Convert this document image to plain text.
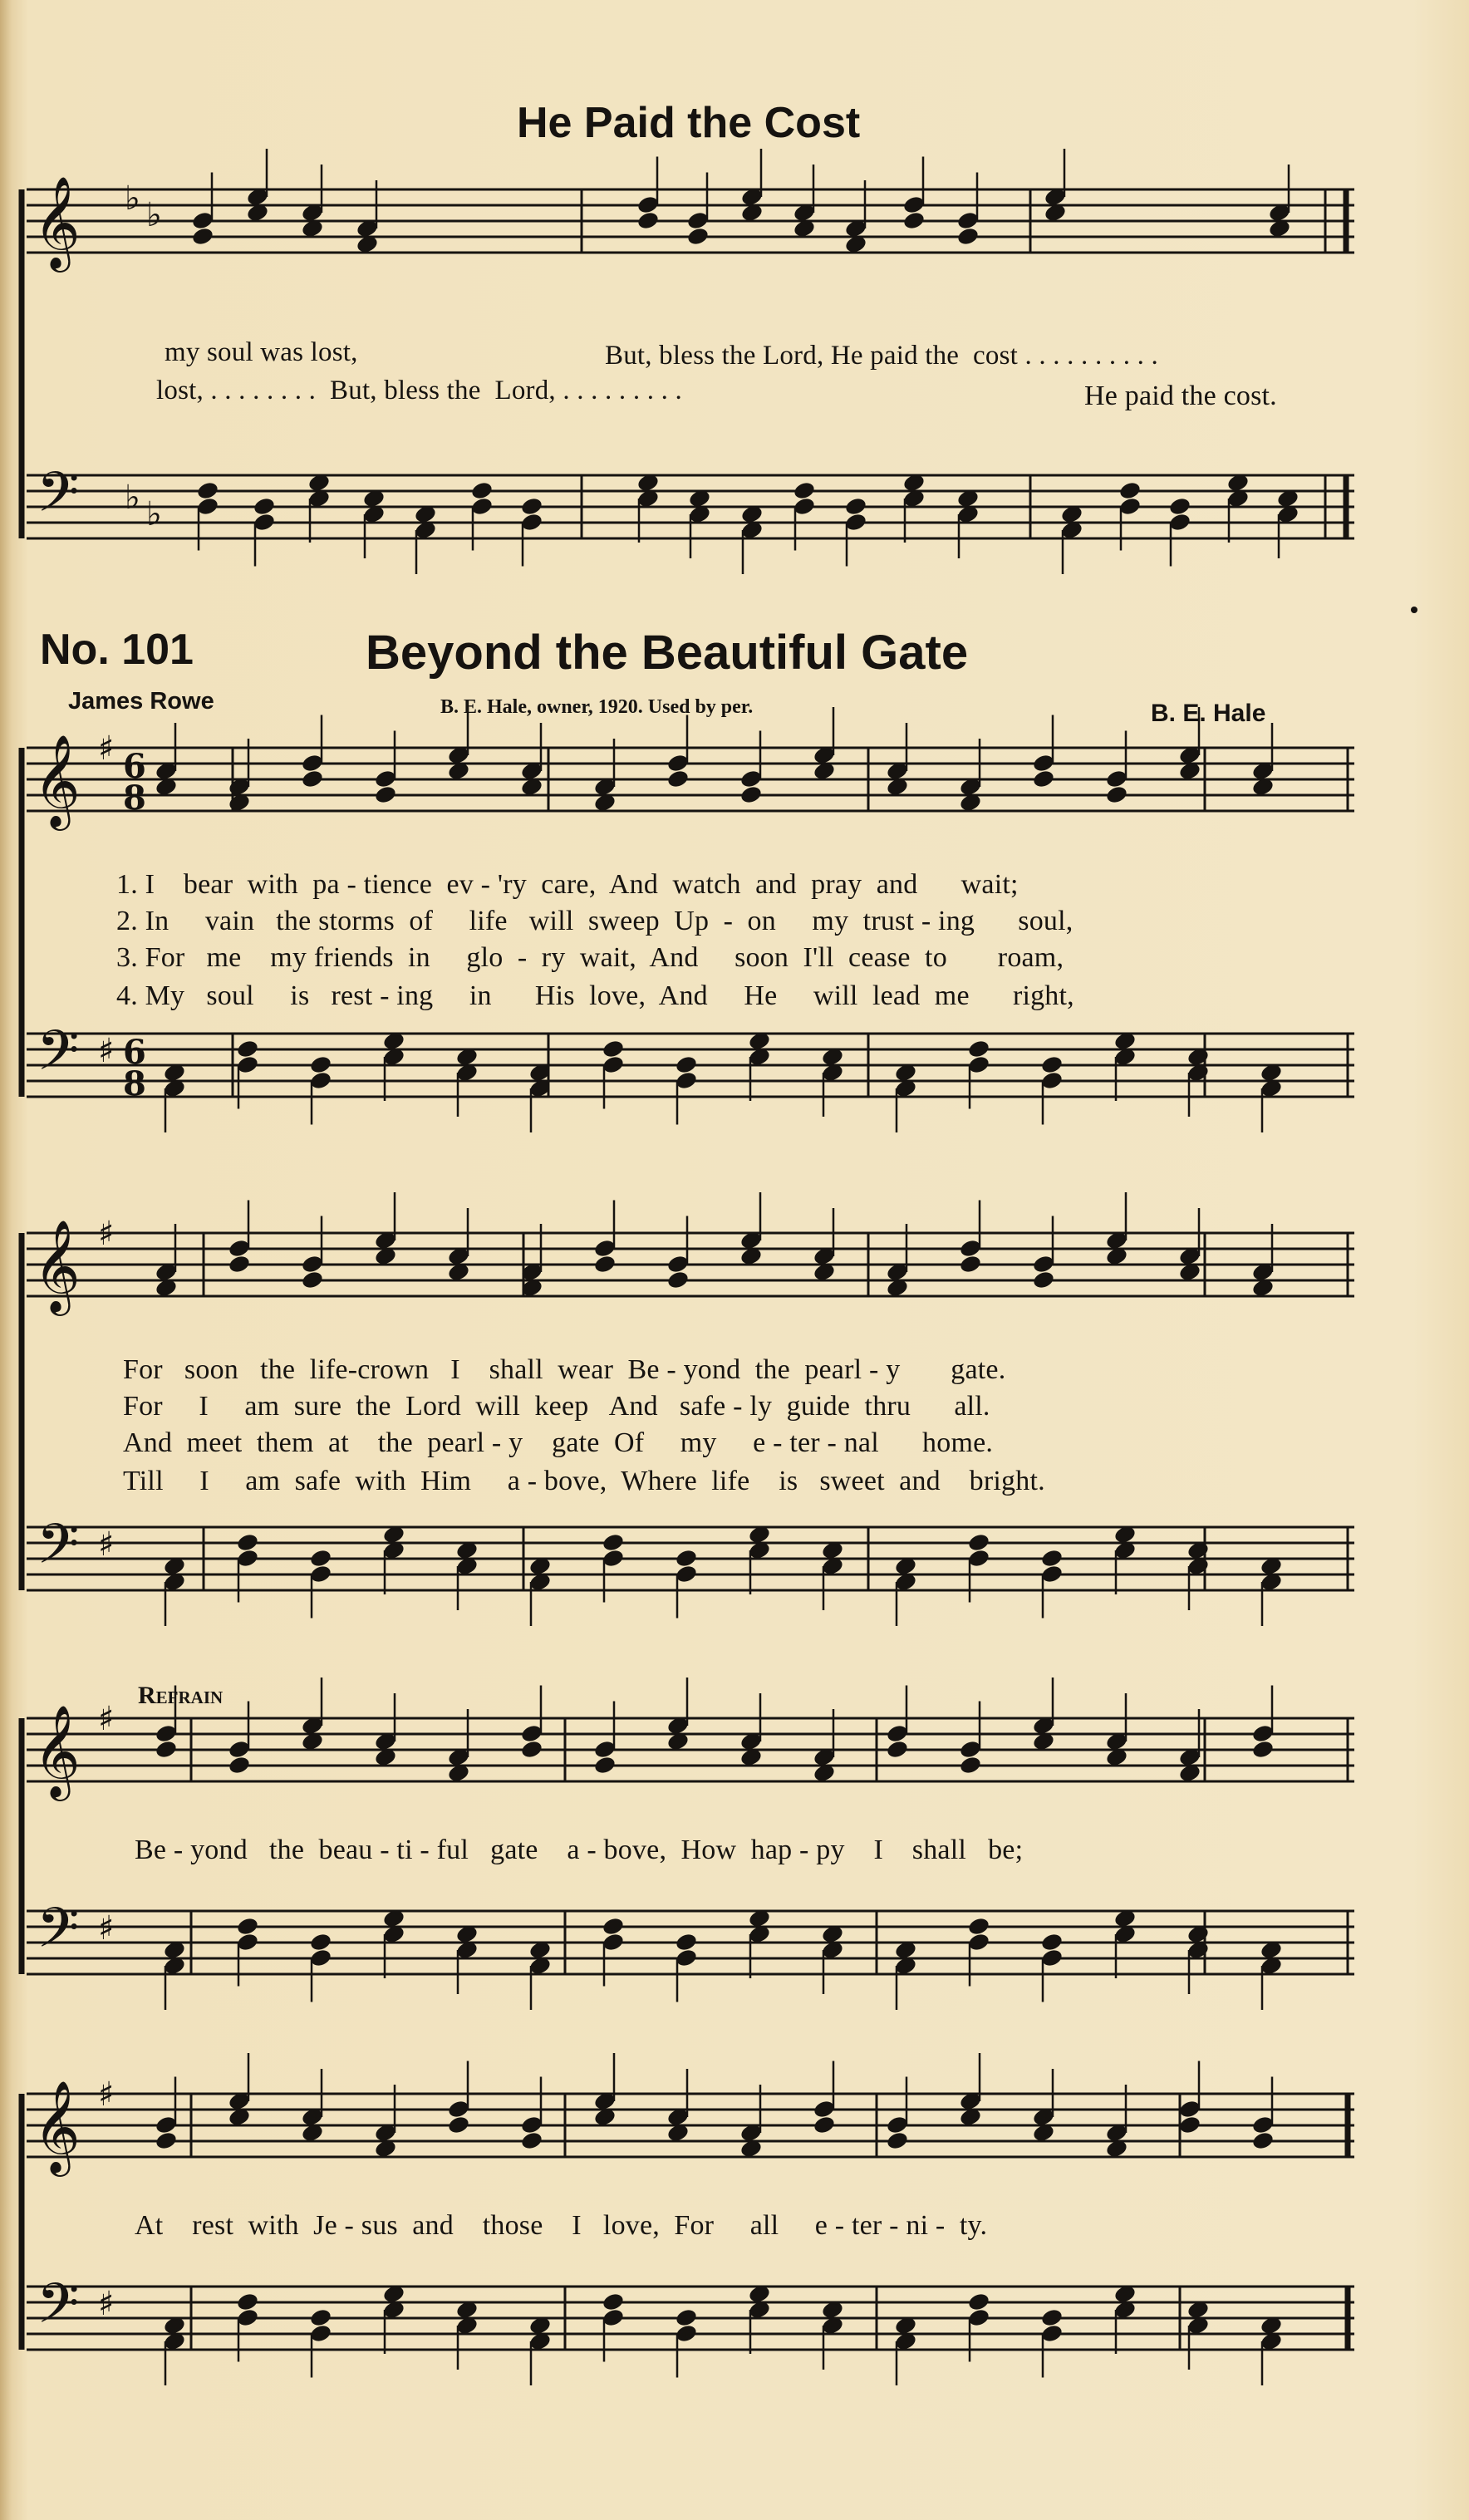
𝄞
𝄢
♭ ♭
♭ ♭
𝄞
𝄢
♯
♯
6
8
6
8
𝄞
𝄢
♯
♯
𝄞
𝄢
♯
♯
𝄞
𝄢
♯
♯
He Paid the Cost
No. 101	Beyond the Beautiful Gate
James Rowe	B. E. Hale, owner, 1920. Used by per.	B. E. Hale
my soul was lost,	But, bless the Lord, He paid the  cost . . . . . . . . . .
lost, . . . . . . . .  But, bless the  Lord, . . . . . . . . .	He paid the cost.
1. I    bear  with  pa - tience  ev - 'ry  care,  And  watch  and  pray  and      wait;
2. In     vain   the storms  of     life   will  sweep  Up  -  on     my  trust - ing      soul,
3. For   me    my friends  in     glo  -  ry  wait,  And     soon  I'll  cease  to       roam,
4. My   soul     is   rest - ing     in      His  love,  And     He     will  lead  me      right,
For   soon   the  life-crown   I    shall  wear  Be - yond  the  pearl - y       gate.
For     I     am  sure  the  Lord  will  keep   And   safe - ly  guide  thru      all.
And  meet  them  at    the  pearl - y    gate  Of     my     e - ter - nal      home.
Till     I     am  safe  with  Him     a - bove,  Where  life    is   sweet  and    bright.
Refrain
Be - yond   the  beau - ti - ful   gate    a - bove,  How  hap - py    I    shall   be;
At    rest  with  Je - sus  and    those    I   love,  For     all     e - ter - ni -  ty.
